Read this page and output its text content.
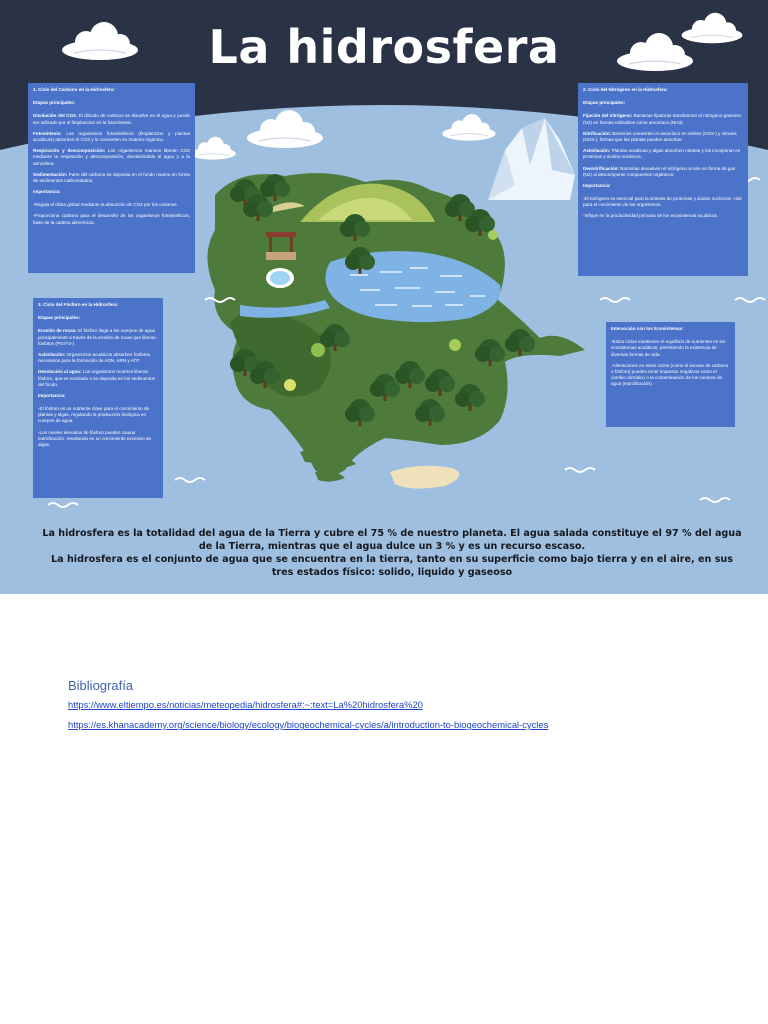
La hidrosfera

1. Ciclo del Carbono en la Hidrosfera:

Etapas principales:

Disolución del CO2: El dióxido de carbono se disuelve en el agua y puede ser utilizado por el fitoplancton en la fotosíntesis.

Fotosíntesis: Los organismos fotosintéticos (fitoplancton y plantas acuáticas) absorben el CO2 y lo convierten en materia orgánica.

Respiración y descomposición: Los organismos marinos liberan CO2 mediante la respiración y descomposición, devolviéndolo al agua y a la atmósfera.

Sedimentación: Parte del carbono se deposita en el fondo marino en forma de sedimentos carbonatados.

Importancia:

-Regula el clima global mediante la absorción de CO2 por los océanos.

-Proporciona carbono para el desarrollo de los organismos fotosintéticos, base de la cadena alimenticia.

2. Ciclo del Nitrógeno en la Hidrosfera:

Etapas principales:

Fijación del nitrógeno: Bacterias fijadoras transforman el nitrógeno gaseoso (N2) en formas utilizables como amoníaco (NH3).

Nitrificación: Bacterias convierten el amoníaco en nitritos (NO2-) y nitratos (NO3-), formas que las plantas pueden absorber.

Asimilación: Plantas acuáticas y algas absorben nitratos y los incorporan en proteínas y ácidos nucleicos.

Desnitrificación: Bacterias devuelven el nitrógeno al aire en forma de gas (N2) al descomponer compuestos orgánicos.

Importancia:

-El nitrógeno es esencial para la síntesis de proteínas y ácidos nucleicos, vital para el crecimiento de los organismos.

-Influye en la productividad primaria de los ecosistemas acuáticos.

3. Ciclo del Fósforo en la Hidrosfera:

Etapas principales:

Erosión de rocas: El fósforo llega a los cuerpos de agua principalmente a través de la erosión de rocas que liberan fosfatos (PO4^3-).

Asimilación: Organismos acuáticos absorben fosfatos, necesarios para la formación de ADN, ARN y ATP.

Devolución al agua: Los organismos muertos liberan fósforo, que es reciclado o se deposita en los sedimentos del fondo.

Importancia:

-El fósforo es un nutriente clave para el crecimiento de plantas y algas, regulando la producción biológica en cuerpos de agua.

-Los niveles elevados de fósforo pueden causar eutrofización, resultando en un crecimiento excesivo de algas.

Interacción con los Ecosistemas:

-Estos ciclos mantienen el equilibrio de nutrientes en los ecosistemas acuáticos, permitiendo la existencia de diversas formas de vida.

-Alteraciones en estos ciclos (como el exceso de carbono o fósforo) pueden tener impactos negativos como el cambio climático o la contaminación de los cuerpos de agua (eutrofización).

La hidrosfera es la totalidad del agua de la Tierra y cubre el 75 % de nuestro planeta. El agua salada constituye el 97 % del agua de la Tierra, mientras que el agua dulce un 3 % y es un recurso escaso.
La hidrosfera es el conjunto de agua que se encuentra en la tierra, tanto en su superficie como bajo tierra y en el aire, en sus tres estados físico: solido, liquido y gaseoso
Bibliografía
https://www.eltiempo.es/noticias/meteopedia/hidrosfera#:~:text=La%20hidrosfera%20
https://es.khanacademy.org/science/biology/ecology/biogeochemical-cycles/a/introduction-to-biogeochemical-cycles
